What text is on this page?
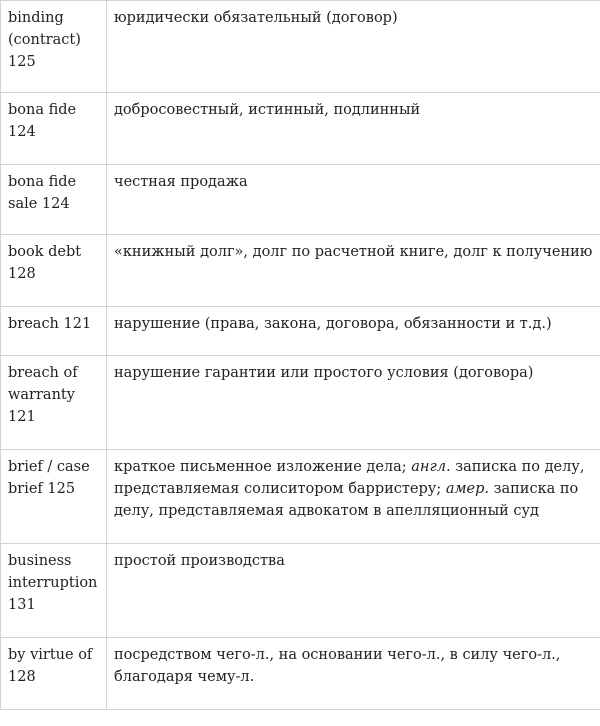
binding (contract) 125	юридически обязательный (договор)
bona fide 124	добросовестный, истинный, подлинный
bona fide sale 124	честная продажа
book debt 128	«книжный долг», долг по расчетной книге, долг к получению
breach 121	нарушение (права, закона, договора, обязанности и т.д.)
breach of warranty 121	нарушение гарантии или простого условия (договора)
brief / case brief 125	краткое письменное изложение дела; англ. записка по делу, представляемая солиситором барристеру; амер. записка по делу, представляемая адвокатом в апелляционный суд
business interruption 131	простой производства
by virtue of 128	посредством чего-л., на основании чего-л., в силу чего-л., благодаря чему-л.
